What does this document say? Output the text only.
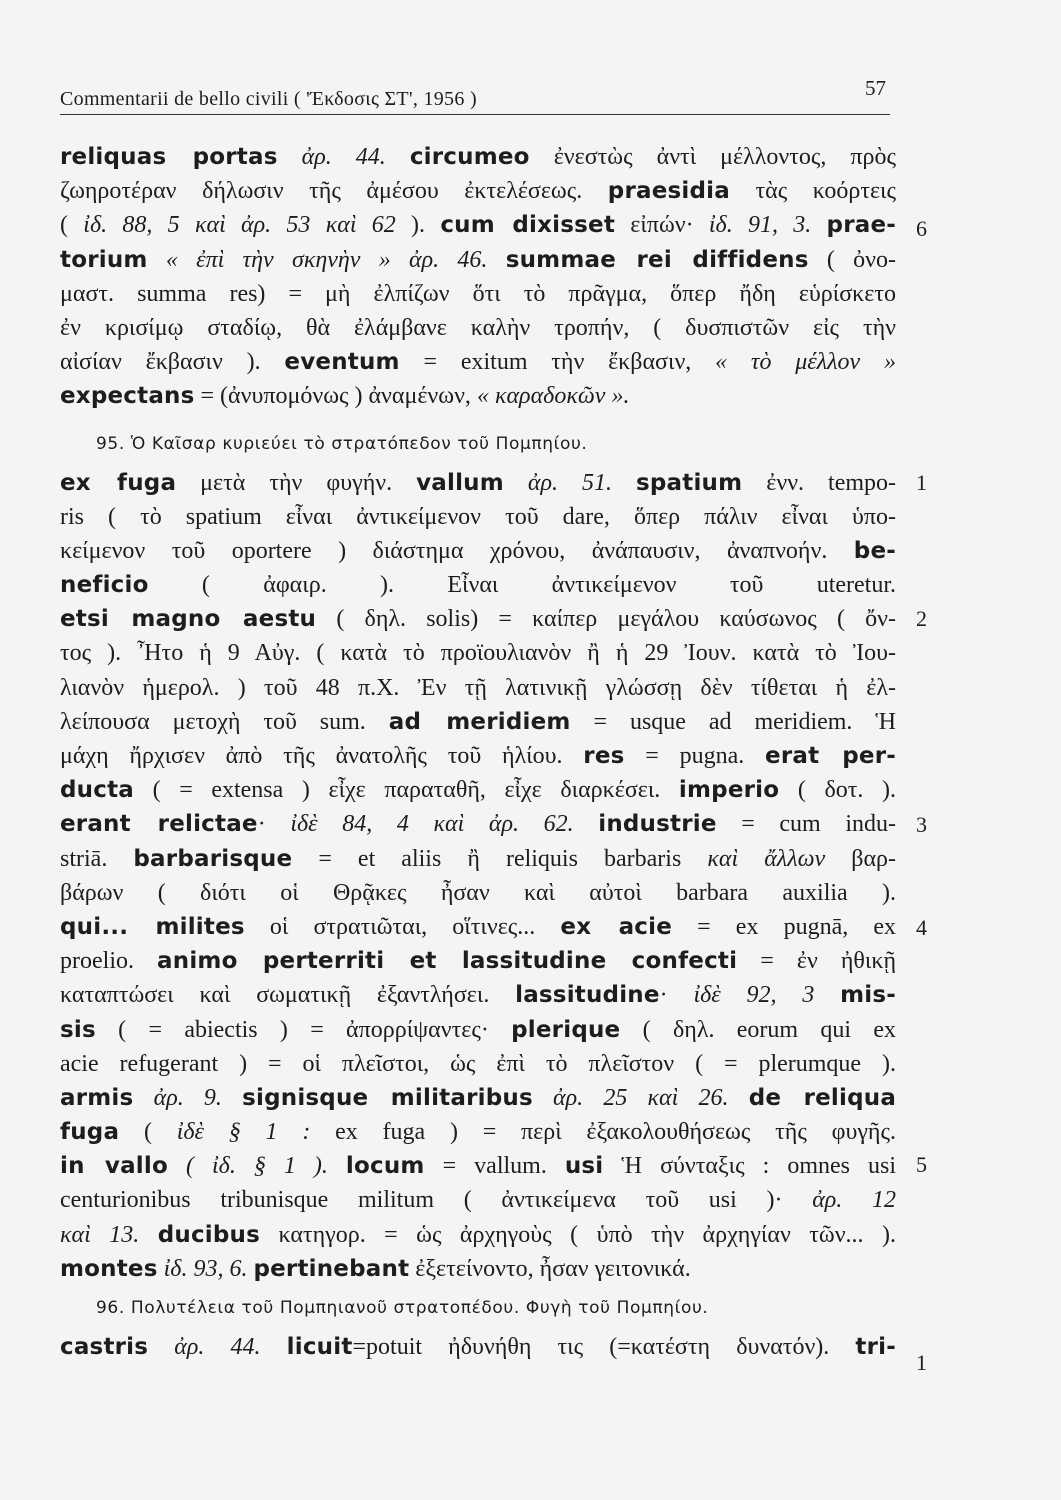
Commentarii de bello civili ( 'Έκδοσις ΣΤ', 1956 )	57
reliquas portas ἀρ. 44. circumeo ἐνεστὼς ἀντὶ μέλλοντος, πρὸς
ζωηροτέραν δήλωσιν τῆς ἀμέσου ἐκτελέσεως. praesidia τὰς κοόρτεις
( ἰδ. 88, 5 καὶ ἀρ. 53 καὶ 62 ). cum dixisset εἰπών· ἰδ. 91, 3. prae-
torium « ἐπὶ τὴν σκηνὴν » ἀρ. 46. summae rei diffidens ( ὀνο-
μαστ. summa res) = μὴ ἐλπίζων ὅτι τὸ πρᾶγμα, ὅπερ ἤδη εὑρίσκετο
ἐν κρισίμῳ σταδίῳ, θὰ ἐλάμβανε καλὴν τροπήν, ( δυσπιστῶν εἰς τὴν
αἰσίαν ἔκβασιν ). eventum = exitum τὴν ἔκβασιν, « τὸ μέλλον »
expectans = (ἀνυπομόνως ) ἀναμένων, « καραδοκῶν ».
95. Ὁ Καῖσαρ κυριεύει τὸ στρατόπεδον τοῦ Πομπηίου.
ex fuga μετὰ τὴν φυγήν. vallum ἀρ. 51. spatium ἐνν. tempo-
ris ( τὸ spatium εἶναι ἀντικείμενον τοῦ dare, ὅπερ πάλιν εἶναι ὑπο-
κείμενον τοῦ oportere ) διάστημα χρόνου, ἀνάπαυσιν, ἀναπνοήν. be-
neficio ( ἀφαιρ. ). Εἶναι ἀντικείμενον τοῦ uteretur.
etsi magno aestu ( δηλ. solis) = καίπερ μεγάλου καύσωνος ( ὄν-
τος ). Ἦτο ἡ 9 Αὐγ. ( κατὰ τὸ προϊουλιανὸν ἢ ἡ 29 Ἰουν. κατὰ τὸ Ἰου-
λιανὸν ἡμερολ. ) τοῦ 48 π.Χ. Ἐν τῇ λατινικῇ γλώσσῃ δὲν τίθεται ἡ ἐλ-
λείπουσα μετοχὴ τοῦ sum. ad meridiem = usque ad meridiem. Ἡ
μάχη ἤρχισεν ἀπὸ τῆς ἀνατολῆς τοῦ ἡλίου. res = pugna. erat per-
ducta ( = extensa ) εἶχε παραταθῆ, εἶχε διαρκέσει. imperio ( δοτ. ).
erant relictae· ἰδὲ 84, 4 καὶ ἀρ. 62. industrie = cum indu-
striā. barbarisque = et aliis ἢ reliquis barbaris καὶ ἄλλων βαρ-
βάρων ( διότι οἱ Θρᾷκες ἦσαν καὶ αὐτοὶ barbara auxilia ).
qui... milites οἱ στρατιῶται, οἵτινες... ex acie = ex pugnā, ex
proelio. animo perterriti et lassitudine confecti = ἐν ἠθικῇ
καταπτώσει καὶ σωματικῇ ἐξαντλήσει. lassitudine· ἰδὲ 92, 3 mis-
sis ( = abiectis ) = ἀπορρίψαντες· plerique ( δηλ. eorum qui ex
acie refugerant ) = οἱ πλεῖστοι, ὡς ἐπὶ τὸ πλεῖστον ( = plerumque ).
armis ἀρ. 9. signisque militaribus ἀρ. 25 καὶ 26. de reliqua
fuga ( ἰδὲ § 1 : ex fuga ) = περὶ ἐξακολουθήσεως τῆς φυγῆς.
in vallo ( ἰδ. § 1 ). locum = vallum. usi Ἡ σύνταξις : omnes usi
centurionibus tribunisque militum ( ἀντικείμενα τοῦ usi )· ἀρ. 12
καὶ 13. ducibus κατηγορ. = ὡς ἀρχηγοὺς ( ὑπὸ τὴν ἀρχηγίαν τῶν... ).
montes ἰδ. 93, 6. pertinebant ἐξετείνοντο, ἦσαν γειτονικά.
96. Πολυτέλεια τοῦ Πομπηιανοῦ στρατοπέδου. Φυγὴ τοῦ Πομπηίου.
castris ἀρ. 44. licuit=potuit ἠδυνήθη τις (=κατέστη δυνατόν). tri-
6
1
2
3
4
5
1
